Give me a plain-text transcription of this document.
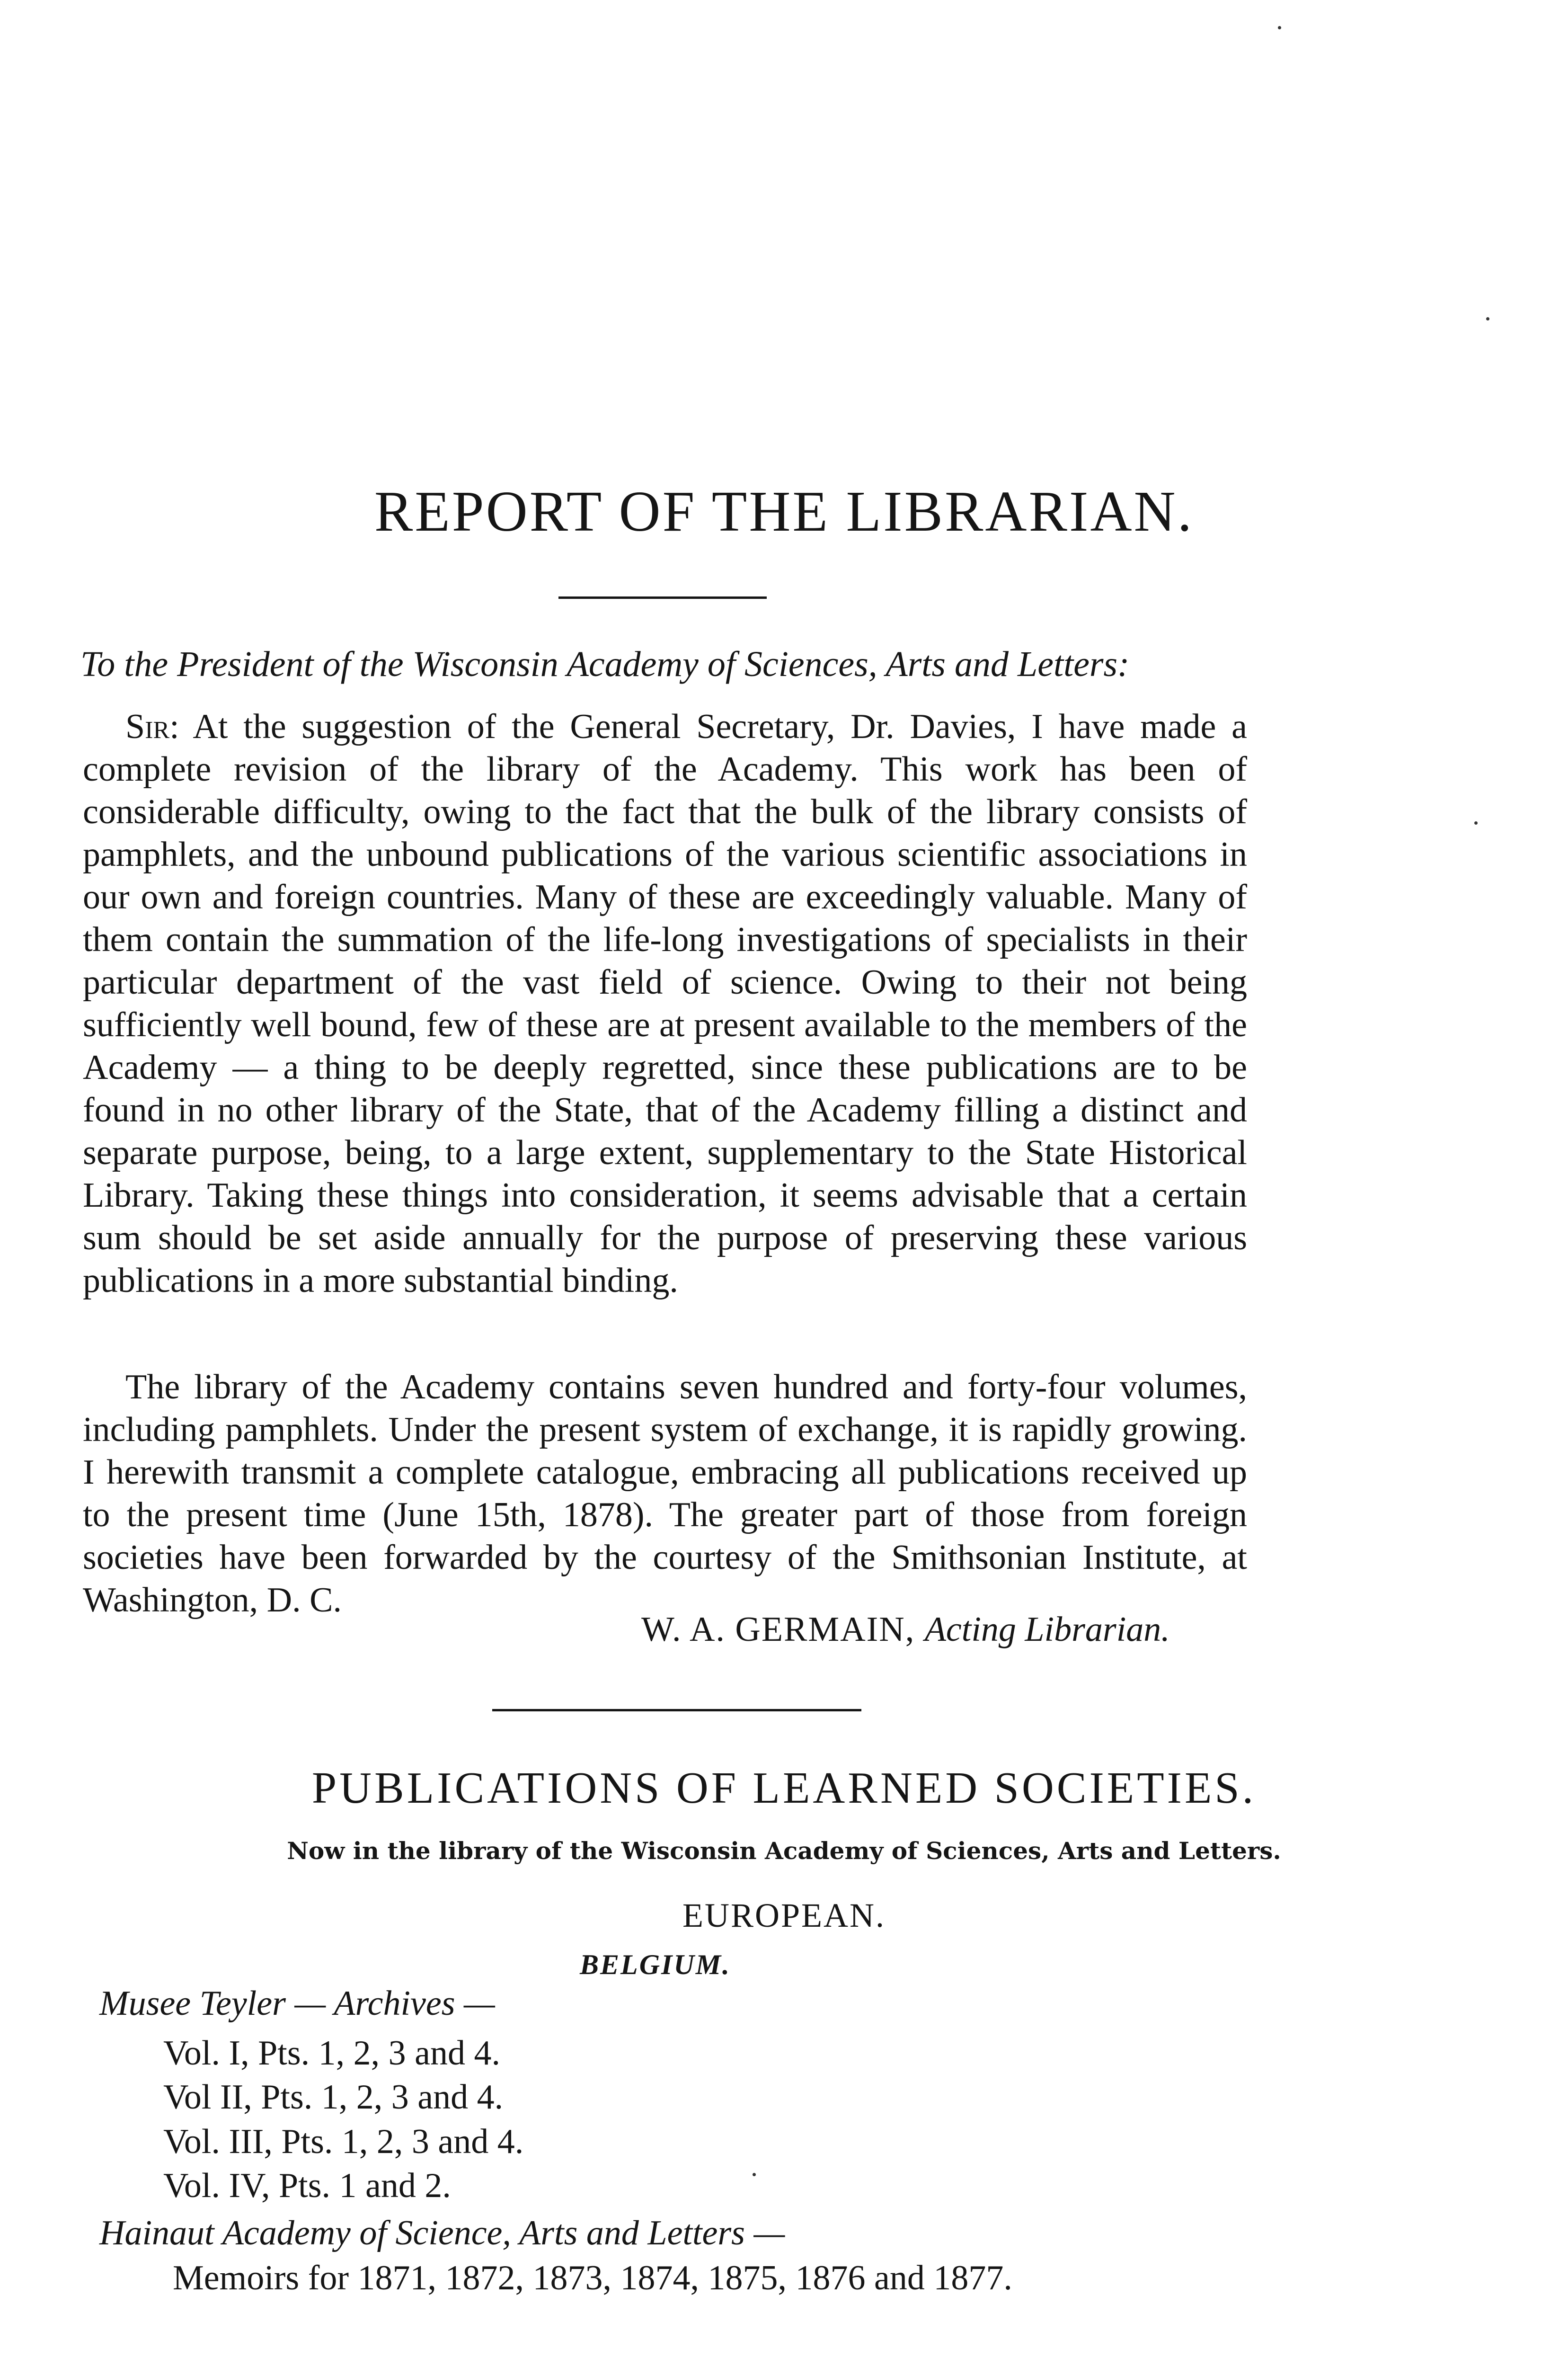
REPORT OF THE LIBRARIAN.
To the President of the Wisconsin Academy of Sciences, Arts and Letters:

Sir: At the suggestion of the General Secretary, Dr. Davies, I have made a complete revision of the library of the Academy. This work has been of considerable difficulty, owing to the fact that the bulk of the library consists of pamphlets, and the unbound publications of the various scientific associations in our own and foreign countries. Many of these are exceedingly valuable. Many of them contain the summation of the life-long investigations of specialists in their particular department of the vast field of science. Owing to their not being sufficiently well bound, few of these are at present available to the members of the Academy — a thing to be deeply regretted, since these publications are to be found in no other library of the State, that of the Academy filling a distinct and separate purpose, being, to a large extent, supplementary to the State Historical Library. Taking these things into consideration, it seems advisable that a certain sum should be set aside annually for the purpose of preserving these various publications in a more substantial binding.

The library of the Academy contains seven hundred and forty-four volumes, including pamphlets. Under the present system of exchange, it is rapidly growing. I herewith transmit a complete catalogue, embracing all publications received up to the present time (June 15th, 1878). The greater part of those from foreign societies have been forwarded by the courtesy of the Smithsonian Institute, at Washington, D. C.

W. A. GERMAIN, Acting Librarian.
PUBLICATIONS OF LEARNED SOCIETIES.
Now in the library of the Wisconsin Academy of Sciences, Arts and Letters.
EUROPEAN.
BELGIUM.
Musee Teyler — Archives —
Vol. I, Pts. 1, 2, 3 and 4.
Vol II, Pts. 1, 2, 3 and 4.
Vol. III, Pts. 1, 2, 3 and 4.
Vol. IV, Pts. 1 and 2.
Hainaut Academy of Science, Arts and Letters —
Memoirs for 1871, 1872, 1873, 1874, 1875, 1876 and 1877.
